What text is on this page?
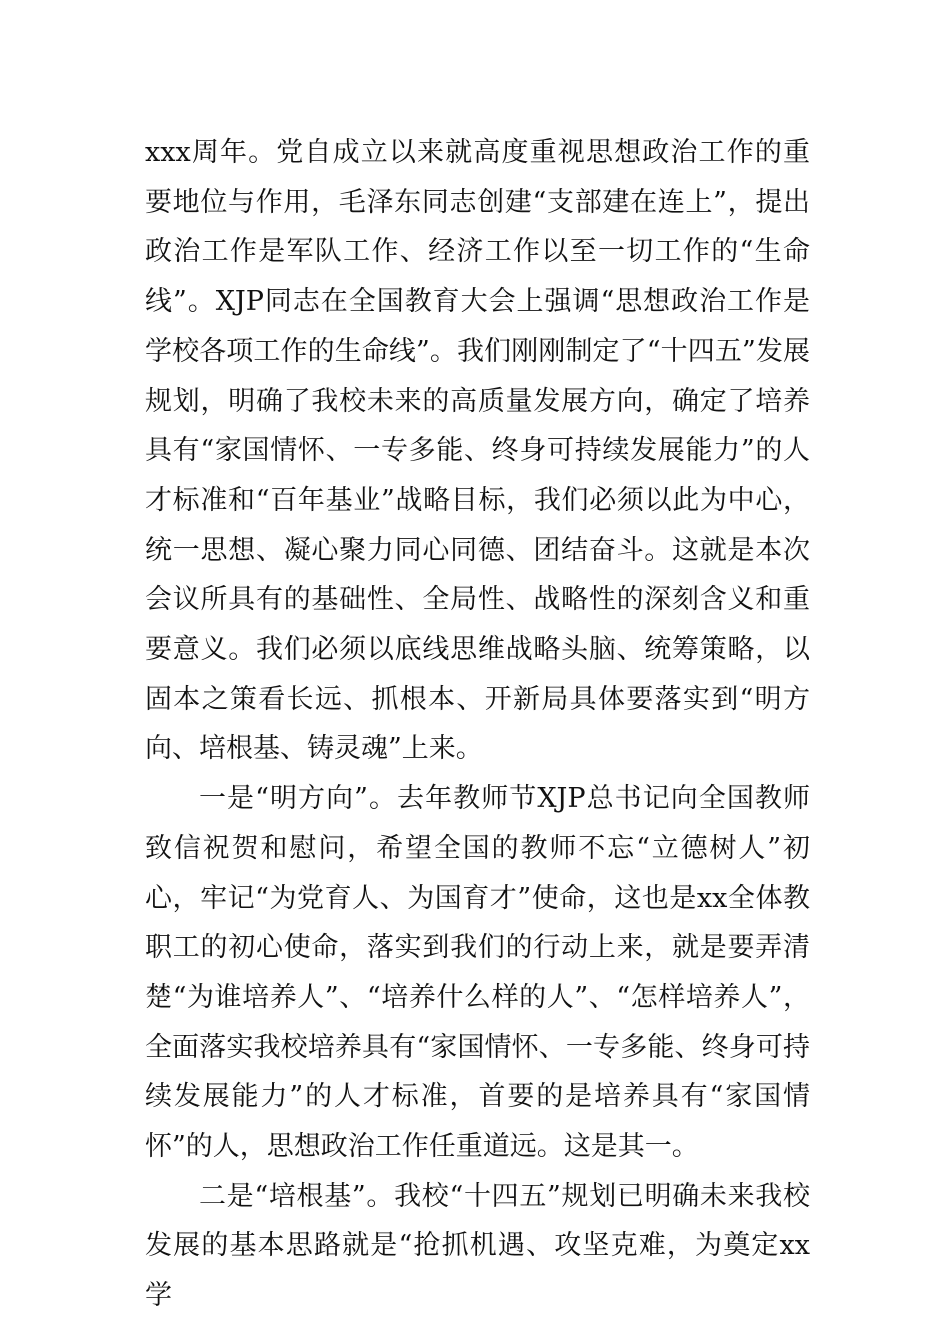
xxx周年。党自成立以来就高度重视思想政治工作的重要地位与作用，毛泽东同志创建“支部建在连上”，提出政治工作是军队工作、经济工作以至一切工作的“生命线”。XJP同志在全国教育大会上强调“思想政治工作是学校各项工作的生命线”。我们刚刚制定了“十四五”发展规划，明确了我校未来的高质量发展方向，确定了培养具有“家国情怀、一专多能、终身可持续发展能力”的人才标准和“百年基业”战略目标，我们必须以此为中心，统一思想、凝心聚力同心同德、团结奋斗。这就是本次会议所具有的基础性、全局性、战略性的深刻含义和重要意义。我们必须以底线思维战略头脑、统筹策略，以固本之策看长远、抓根本、开新局具体要落实到“明方向、培根基、铸灵魂”上来。

一是“明方向”。去年教师节XJP总书记向全国教师致信祝贺和慰问，希望全国的教师不忘“立德树人”初心，牢记“为党育人、为国育才”使命，这也是xx全体教职工的初心使命，落实到我们的行动上来，就是要弄清楚“为谁培养人”、“培养什么样的人”、“怎样培养人”，全面落实我校培养具有“家国情怀、一专多能、终身可持续发展能力”的人才标准，首要的是培养具有“家国情怀”的人，思想政治工作任重道远。这是其一。

二是“培根基”。我校“十四五”规划已明确未来我校发展的基本思路就是“抢抓机遇、攻坚克难，为奠定xx学
